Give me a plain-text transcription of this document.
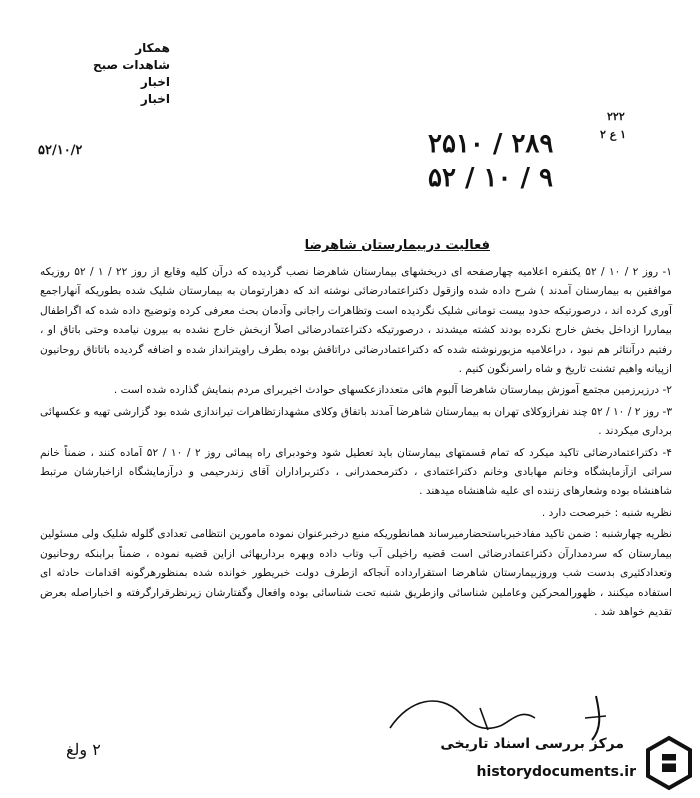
همکار
شاهدات صبح
اخبار
اخبار
۲۲۲
۱ ع ۲
۲۵۱۰ / ۲۸۹
۵۲ / ۱۰ / ۹
۵۲/۱۰/۲
فعالیت دربیمارستان شاهرضا

۱- روز ۲ / ۱۰ / ۵۲ یکنفره اعلامیه چهارصفحه ای دربخشهای بیمارستان شاهرضا نصب گردیده که درآن کلیه وقایع از روز ۲۲ / ۱ / ۵۲ روزیکه موافقین به بیمارستان آمدند ) شرح داده شده وازقول دکتراعتمادرضائی نوشته اند که دهزارتومان به بیمارستان شلیک شده بطوریکه آنهاراجمع آوری کرده اند ، درصورتیکه حدود بیست تومانی شلیک نگردیده است وتظاهرات راجانی وآدمان بحث معرفی کرده وتوضیح داده شده که اگراطفال بیماررا ازداخل بخش خارج نکرده بودند کشته میشدند ، درصورتیکه دکتراعتمادرضائی اصلاً ازبخش خارج نشده به بیرون نیامده وحتی باتاق او ، رفتیم درآنتاثر هم نبود ، دراعلامیه مزبورنوشته شده که دکتراعتمادرضائی دراتاقش بوده بطرف راویترانداز شده و اضافه گردیده باتاتاق روحانیون ازپیانه واهیم تشنت تاریخ و شاه راسرنگون کنیم .

۲- درزیرزمین مجتمع آموزش بیمارستان شاهرضا آلبوم هائی متعددازعکسهای حوادث اخیربرای مردم بنمایش گذارده شده است .

۳- روز ۲ / ۱۰ / ۵۲ چند نفرازوکلای تهران به بیمارستان شاهرضا آمدند باتفاق وکلای مشهدازتظاهرات تیراندازی شده بود گزارشی تهیه و عکسهائی برداری میکردند .

۴- دکتراعتمادرضائی تاکید میکرد که تمام قسمتهای بیمارستان باید تعطیل شود وخودبرای راه پیمائی روز ۲ / ۱۰ / ۵۲ آماده کنند ، ضمناً خانم سراتی ازآزمایشگاه وخانم مهابادی وخانم دکتراعتمادی ، دکترمحمدرانی ، دکتربراداران آقای زندرحیمی و درآزمایشگاه ازاخبارشان مرتبط شاهنشاه بوده وشعارهای زننده ای علیه شاهنشاه میدهند .

نظریه شنبه : خبرصحت دارد .

نظریه چهارشنبه : ضمن تاکید مفادخبرباستحضارمیرساند همانطوریکه منبع درخبرعنوان نموده مامورین انتظامی تعدادی گلوله شلیک ولی مسئولین بیمارستان که سردمدارآن دکتراعتمادرضائی است قضیه راخیلی آب وتاب داده وبهره برداریهائی ازاین قضیه نموده ، ضمناً برابنکه روحانیون وتعدادکثیری بدست شب وروزبیمارستان شاهرضا استقرارداده آنجاکه ازطرف دولت خبریطور خوانده شده بمنظورهرگونه اقدامات حادثه ای استفاده میکنند ، ظهورالمحرکین وعاملین شناسائی وازطریق شنبه تحت شناسائی بوده وافعال وگفتارشان زیرنظرقرارگرفته و اخباراصله بعرض تقدیم خواهد شد .

۲ ولغ	مرکز بررسی اسناد تاریخی
historydocuments.ir
